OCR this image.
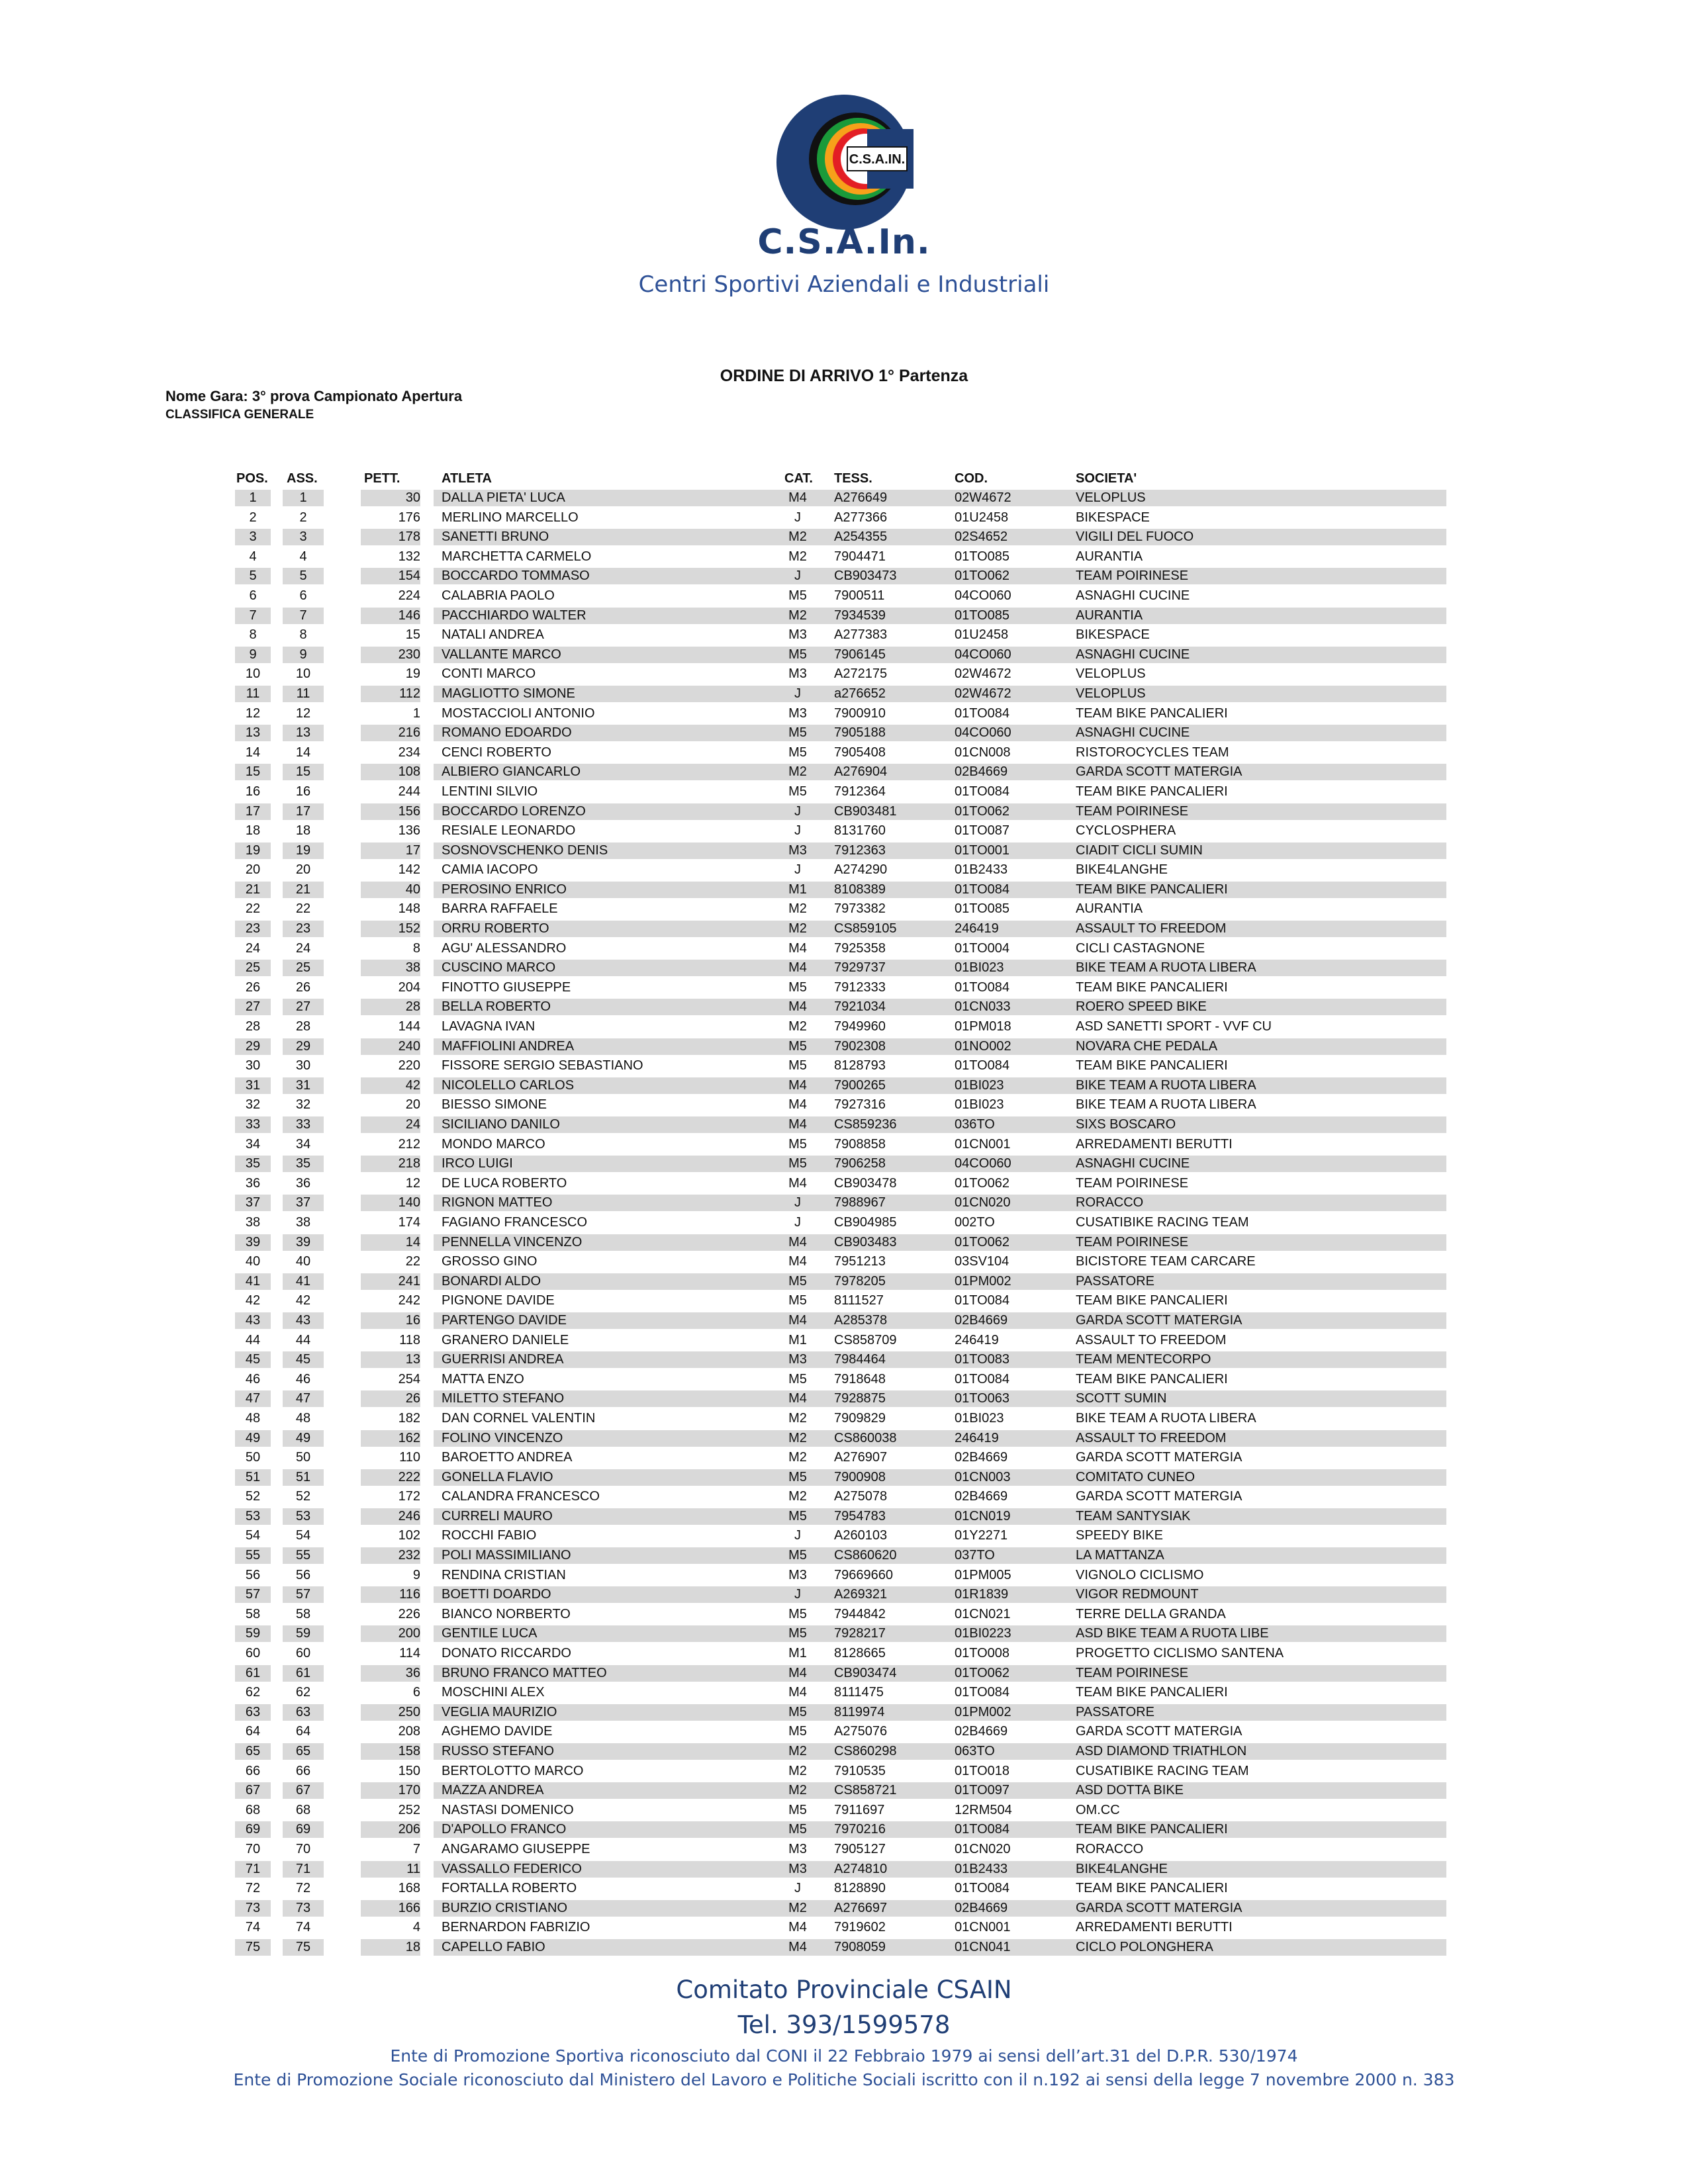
C.S.A.IN.
C.S.A.In.
Centri Sportivi Aziendali e Industriali
ORDINE DI ARRIVO 1° Partenza
Nome Gara: 3° prova Campionato Apertura
CLASSIFICA GENERALE
POS. ASS.	PETT.	ATLETA	CAT. TESS.	COD.	SOCIETA'
1	1	30 DALLA PIETA' LUCA	M4	A276649	02W4672	VELOPLUS
2	2	176 MERLINO MARCELLO	J	A277366	01U2458	BIKESPACE
3	3	178 SANETTI BRUNO	M2	A254355	02S4652	VIGILI DEL FUOCO
4	4	132 MARCHETTA CARMELO	M2	7904471	01TO085	AURANTIA
5	5	154 BOCCARDO TOMMASO	J	CB903473	01TO062	TEAM POIRINESE
6	6	224 CALABRIA PAOLO	M5	7900511	04CO060	ASNAGHI CUCINE
7	7	146 PACCHIARDO WALTER	M2	7934539	01TO085	AURANTIA
8	8	15 NATALI ANDREA	M3	A277383	01U2458	BIKESPACE
9	9	230 VALLANTE MARCO	M5	7906145	04CO060	ASNAGHI CUCINE
10	10	19 CONTI MARCO	M3	A272175	02W4672	VELOPLUS
11	11	112 MAGLIOTTO SIMONE	J	a276652	02W4672	VELOPLUS
12	12	1 MOSTACCIOLI ANTONIO	M3	7900910	01TO084	TEAM BIKE PANCALIERI
13	13	216 ROMANO EDOARDO	M5	7905188	04CO060	ASNAGHI CUCINE
14	14	234 CENCI ROBERTO	M5	7905408	01CN008	RISTOROCYCLES TEAM
15	15	108 ALBIERO GIANCARLO	M2	A276904	02B4669	GARDA SCOTT MATERGIA
16	16	244 LENTINI SILVIO	M5	7912364	01TO084	TEAM BIKE PANCALIERI
17	17	156 BOCCARDO LORENZO	J	CB903481	01TO062	TEAM POIRINESE
18	18	136 RESIALE LEONARDO	J	8131760	01TO087	CYCLOSPHERA
19	19	17 SOSNOVSCHENKO DENIS	M3	7912363	01TO001	CIADIT CICLI SUMIN
20	20	142 CAMIA IACOPO	J	A274290	01B2433	BIKE4LANGHE
21	21	40 PEROSINO ENRICO	M1	8108389	01TO084	TEAM BIKE PANCALIERI
22	22	148 BARRA RAFFAELE	M2	7973382	01TO085	AURANTIA
23	23	152 ORRU ROBERTO	M2	CS859105	246419	ASSAULT TO FREEDOM
24	24	8 AGU' ALESSANDRO	M4	7925358	01TO004	CICLI CASTAGNONE
25	25	38 CUSCINO MARCO	M4	7929737	01BI023	BIKE TEAM A RUOTA LIBERA
26	26	204 FINOTTO GIUSEPPE	M5	7912333	01TO084	TEAM BIKE PANCALIERI
27	27	28 BELLA ROBERTO	M4	7921034	01CN033	ROERO SPEED BIKE
28	28	144 LAVAGNA IVAN	M2	7949960	01PM018	ASD SANETTI SPORT - VVF CU
29	29	240 MAFFIOLINI ANDREA	M5	7902308	01NO002	NOVARA CHE PEDALA
30	30	220 FISSORE SERGIO SEBASTIANO	M5	8128793	01TO084	TEAM BIKE PANCALIERI
31	31	42 NICOLELLO CARLOS	M4	7900265	01BI023	BIKE TEAM A RUOTA LIBERA
32	32	20 BIESSO SIMONE	M4	7927316	01BI023	BIKE TEAM A RUOTA LIBERA
33	33	24 SICILIANO DANILO	M4	CS859236	036TO	SIXS BOSCARO
34	34	212 MONDO MARCO	M5	7908858	01CN001	ARREDAMENTI BERUTTI
35	35	218 IRCO LUIGI	M5	7906258	04CO060	ASNAGHI CUCINE
36	36	12 DE LUCA ROBERTO	M4	CB903478	01TO062	TEAM POIRINESE
37	37	140 RIGNON MATTEO	J	7988967	01CN020	RORACCO
38	38	174 FAGIANO FRANCESCO	J	CB904985	002TO	CUSATIBIKE RACING TEAM
39	39	14 PENNELLA VINCENZO	M4	CB903483	01TO062	TEAM POIRINESE
40	40	22 GROSSO GINO	M4	7951213	03SV104	BICISTORE TEAM CARCARE
41	41	241 BONARDI ALDO	M5	7978205	01PM002	PASSATORE
42	42	242 PIGNONE DAVIDE	M5	8111527	01TO084	TEAM BIKE PANCALIERI
43	43	16 PARTENGO DAVIDE	M4	A285378	02B4669	GARDA SCOTT MATERGIA
44	44	118 GRANERO DANIELE	M1	CS858709	246419	ASSAULT TO FREEDOM
45	45	13 GUERRISI ANDREA	M3	7984464	01TO083	TEAM MENTECORPO
46	46	254 MATTA ENZO	M5	7918648	01TO084	TEAM BIKE PANCALIERI
47	47	26 MILETTO STEFANO	M4	7928875	01TO063	SCOTT SUMIN
48	48	182 DAN CORNEL VALENTIN	M2	7909829	01BI023	BIKE TEAM A RUOTA LIBERA
49	49	162 FOLINO VINCENZO	M2	CS860038	246419	ASSAULT TO FREEDOM
50	50	110 BAROETTO ANDREA	M2	A276907	02B4669	GARDA SCOTT MATERGIA
51	51	222 GONELLA FLAVIO	M5	7900908	01CN003	COMITATO CUNEO
52	52	172 CALANDRA FRANCESCO	M2	A275078	02B4669	GARDA SCOTT MATERGIA
53	53	246 CURRELI MAURO	M5	7954783	01CN019	TEAM SANTYSIAK
54	54	102 ROCCHI FABIO	J	A260103	01Y2271	SPEEDY BIKE
55	55	232 POLI MASSIMILIANO	M5	CS860620	037TO	LA MATTANZA
56	56	9 RENDINA CRISTIAN	M3	79669660	01PM005	VIGNOLO CICLISMO
57	57	116 BOETTI DOARDO	J	A269321	01R1839	VIGOR REDMOUNT
58	58	226 BIANCO NORBERTO	M5	7944842	01CN021	TERRE DELLA GRANDA
59	59	200 GENTILE LUCA	M5	7928217	01BI0223	ASD BIKE TEAM A RUOTA LIBE
60	60	114 DONATO RICCARDO	M1	8128665	01TO008	PROGETTO CICLISMO SANTENA
61	61	36 BRUNO FRANCO MATTEO	M4	CB903474	01TO062	TEAM POIRINESE
62	62	6 MOSCHINI ALEX	M4	8111475	01TO084	TEAM BIKE PANCALIERI
63	63	250 VEGLIA MAURIZIO	M5	8119974	01PM002	PASSATORE
64	64	208 AGHEMO DAVIDE	M5	A275076	02B4669	GARDA SCOTT MATERGIA
65	65	158 RUSSO STEFANO	M2	CS860298	063TO	ASD DIAMOND TRIATHLON
66	66	150 BERTOLOTTO MARCO	M2	7910535	01TO018	CUSATIBIKE RACING TEAM
67	67	170 MAZZA ANDREA	M2	CS858721	01TO097	ASD DOTTA BIKE
68	68	252 NASTASI DOMENICO	M5	7911697	12RM504	OM.CC
69	69	206 D'APOLLO FRANCO	M5	7970216	01TO084	TEAM BIKE PANCALIERI
70	70	7 ANGARAMO GIUSEPPE	M3	7905127	01CN020	RORACCO
71	71	11 VASSALLO FEDERICO	M3	A274810	01B2433	BIKE4LANGHE
72	72	168 FORTALLA ROBERTO	J	8128890	01TO084	TEAM BIKE PANCALIERI
73	73	166 BURZIO CRISTIANO	M2	A276697	02B4669	GARDA SCOTT MATERGIA
74	74	4 BERNARDON FABRIZIO	M4	7919602	01CN001	ARREDAMENTI BERUTTI
75	75	18 CAPELLO FABIO	M4	7908059	01CN041	CICLO POLONGHERA
Comitato Provinciale CSAIN
Tel. 393/1599578
Ente di Promozione Sportiva riconosciuto dal CONI il 22 Febbraio 1979 ai sensi dell’art.31 del D.P.R. 530/1974
Ente di Promozione Sociale riconosciuto dal Ministero del Lavoro e Politiche Sociali iscritto con il n.192 ai sensi della legge 7 novembre 2000 n. 383
